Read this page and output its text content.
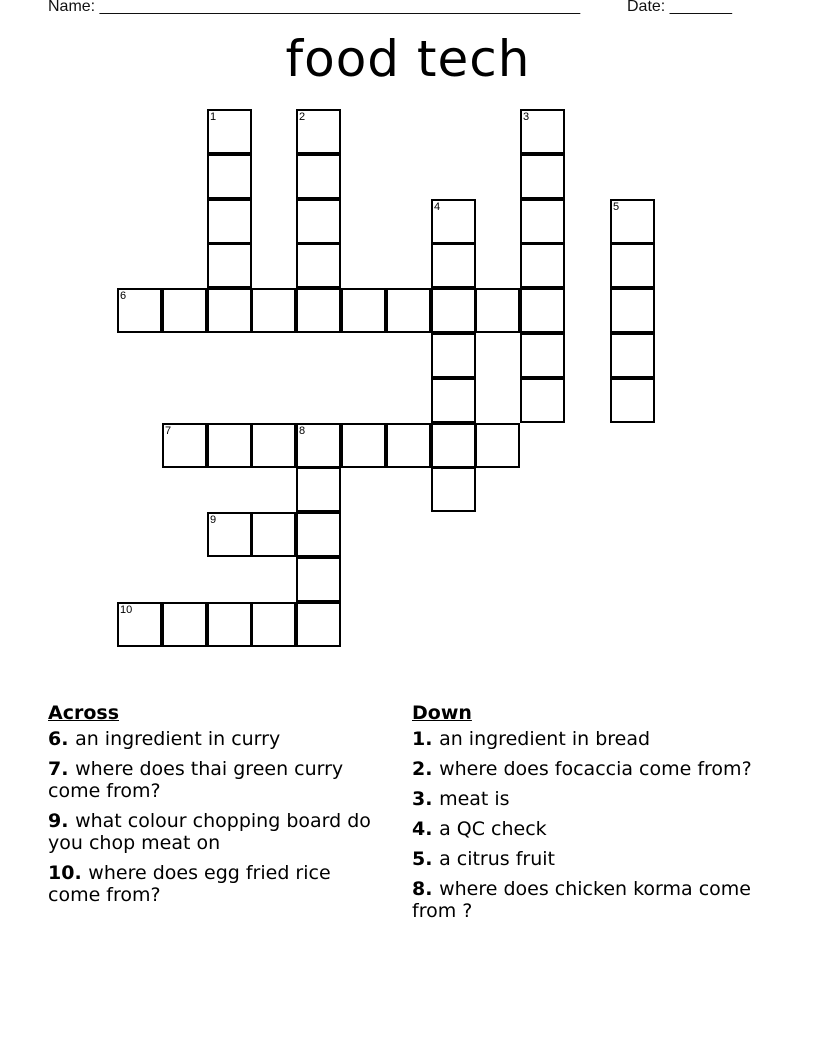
Name: ______________________________________________________	Date: _______
food tech
1	2	3
4	5
6
7	8
9
10
Across
6. an ingredient in curry
7. where does thai green curry come from?
9. what colour chopping board do you chop meat on
10. where does egg fried rice come from?
Down
1. an ingredient in bread
2. where does focaccia come from?
3. meat is
4. a QC check
5. a citrus fruit
8. where does chicken korma come from ?
